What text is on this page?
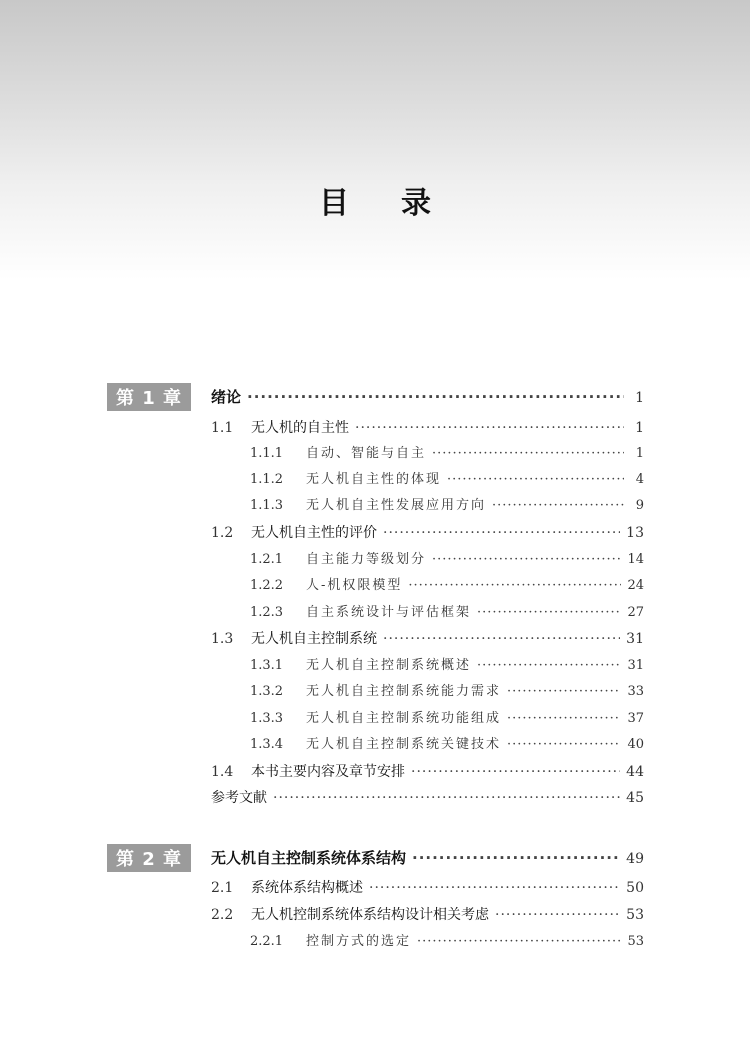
目 录
第 1 章	绪论 ·····	1
1.1	无人机的自主性 ·····	1
1.1.1	自动、智能与自主 ·····	1
1.1.2	无人机自主性的体现 ·····	4
1.1.3	无人机自主性发展应用方向 ·····	9
1.2	无人机自主性的评价 ·····	13
1.2.1	自主能力等级划分 ·····	14
1.2.2	人-机权限模型 ·····	24
1.2.3	自主系统设计与评估框架 ·····	27
1.3	无人机自主控制系统 ·····	31
1.3.1	无人机自主控制系统概述 ·····	31
1.3.2	无人机自主控制系统能力需求 ·····	33
1.3.3	无人机自主控制系统功能组成 ·····	37
1.3.4	无人机自主控制系统关键技术 ·····	40
1.4	本书主要内容及章节安排 ·····	44
参考文献 ·····	45
第 2 章	无人机自主控制系统体系结构 ·····	49
2.1	系统体系结构概述 ·····	50
2.2	无人机控制系统体系结构设计相关考虑 ·····	53
2.2.1	控制方式的选定 ·····	53
